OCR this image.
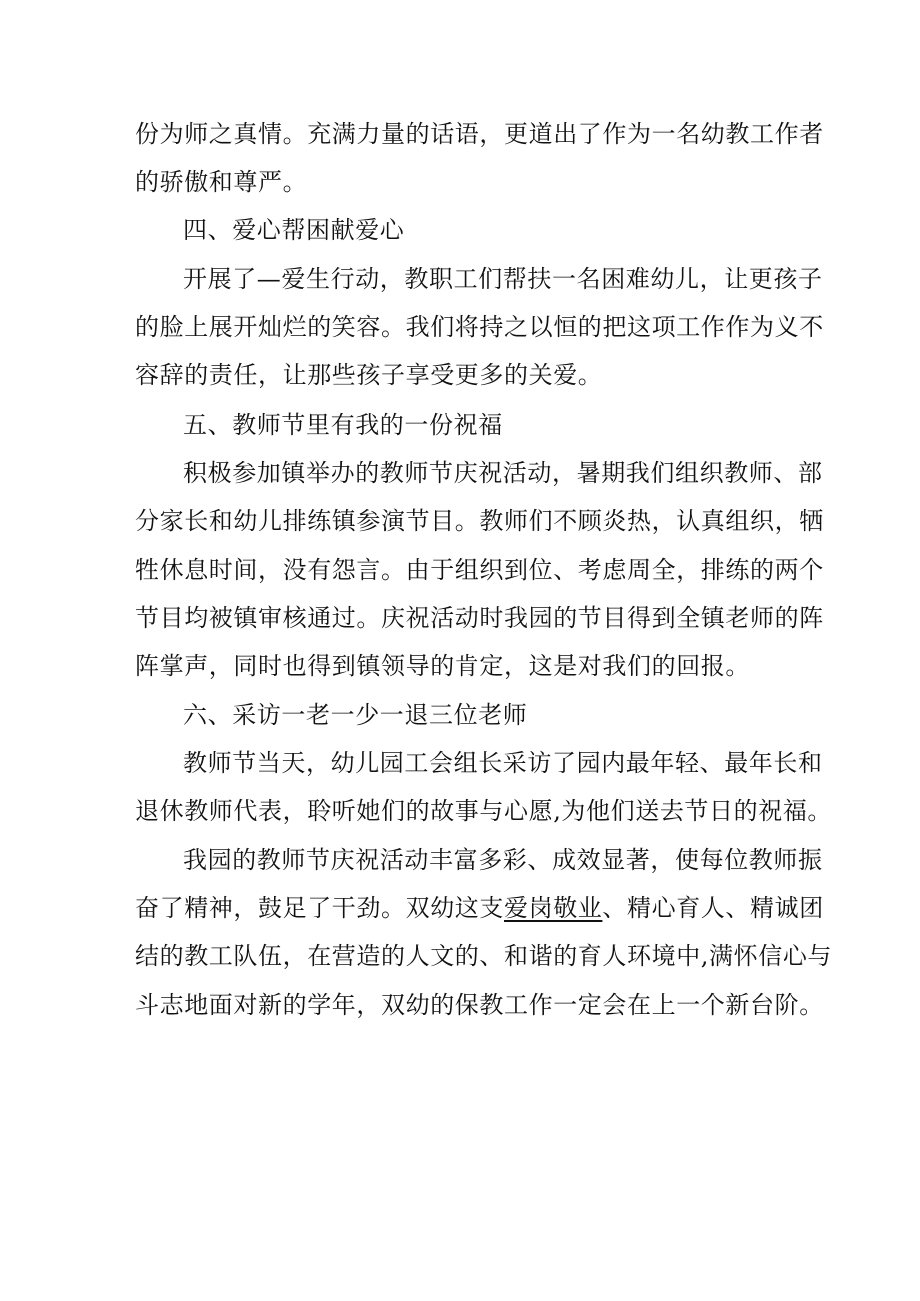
份为师之真情。充满力量的话语，更道出了作为一名幼教工作者
的骄傲和尊严。
四、爱心帮困献爱心
开展了—爱生行动，教职工们帮扶一名困难幼儿，让更孩子
的脸上展开灿烂的笑容。我们将持之以恒的把这项工作作为义不
容辞的责任，让那些孩子享受更多的关爱。
五、教师节里有我的一份祝福
积极参加镇举办的教师节庆祝活动，暑期我们组织教师、部
分家长和幼儿排练镇参演节目。教师们不顾炎热，认真组织，牺
牲休息时间，没有怨言。由于组织到位、考虑周全，排练的两个
节目均被镇审核通过。庆祝活动时我园的节目得到全镇老师的阵
阵掌声，同时也得到镇领导的肯定，这是对我们的回报。
六、采访一老一少一退三位老师
教师节当天，幼儿园工会组长采访了园内最年轻、最年长和
退休教师代表，聆听她们的故事与心愿,为他们送去节日的祝福。
我园的教师节庆祝活动丰富多彩、成效显著，使每位教师振
奋了精神，鼓足了干劲。双幼这支爱岗敬业、精心育人、精诚团
结的教工队伍，在营造的人文的、和谐的育人环境中,满怀信心与
斗志地面对新的学年，双幼的保教工作一定会在上一个新台阶。
